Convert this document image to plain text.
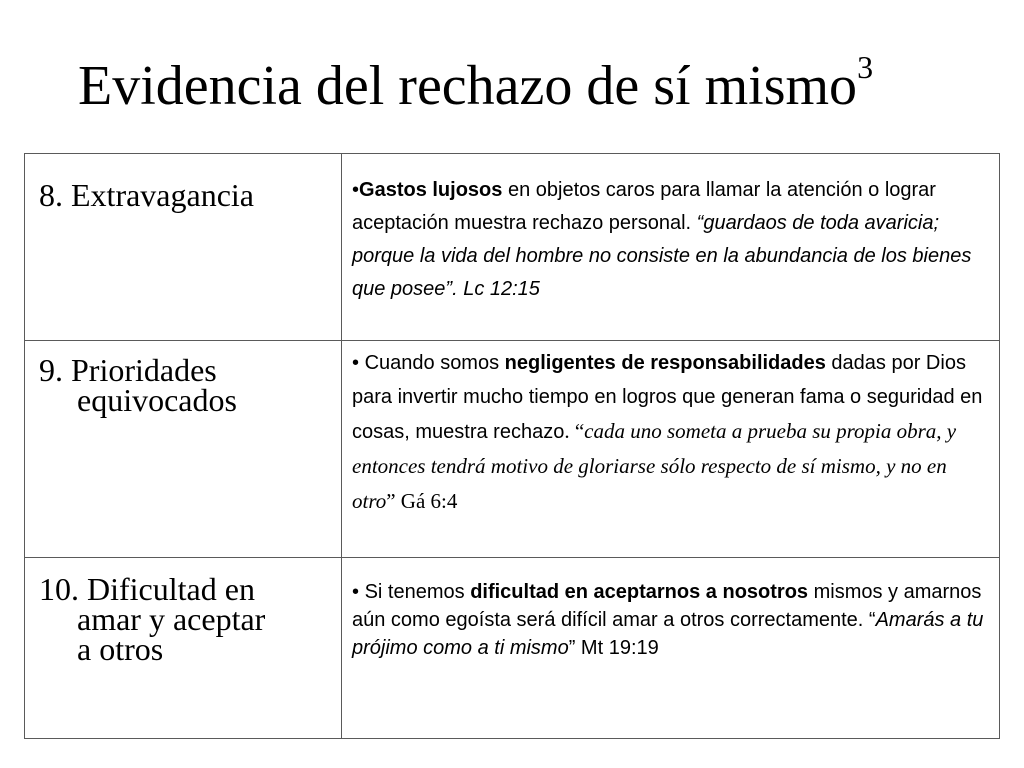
Evidencia del rechazo de sí mismo$^3$
8. Extravagancia	•Gastos lujosos en objetos caros para llamar la atención o lograr aceptación muestra rechazo personal. “guardaos de toda avaricia; porque la vida del hombre no consiste en la abundancia de los bienes que posee”. Lc 12:15

9. Prioridades
equivocados	• Cuando somos negligentes de responsabilidades dadas por Dios para invertir mucho tiempo en logros que generan fama o seguridad en cosas, muestra rechazo. “cada uno someta a prueba su propia obra, y entonces tendrá motivo de gloriarse sólo respecto de sí mismo, y no en otro” Gá 6:4

10. Dificultad en
amar y aceptar
a otros	• Si tenemos dificultad en aceptarnos a nosotros mismos y amarnos aún como egoísta será difícil amar a otros correctamente. “Amarás a tu prójimo como a ti mismo” Mt 19:19
